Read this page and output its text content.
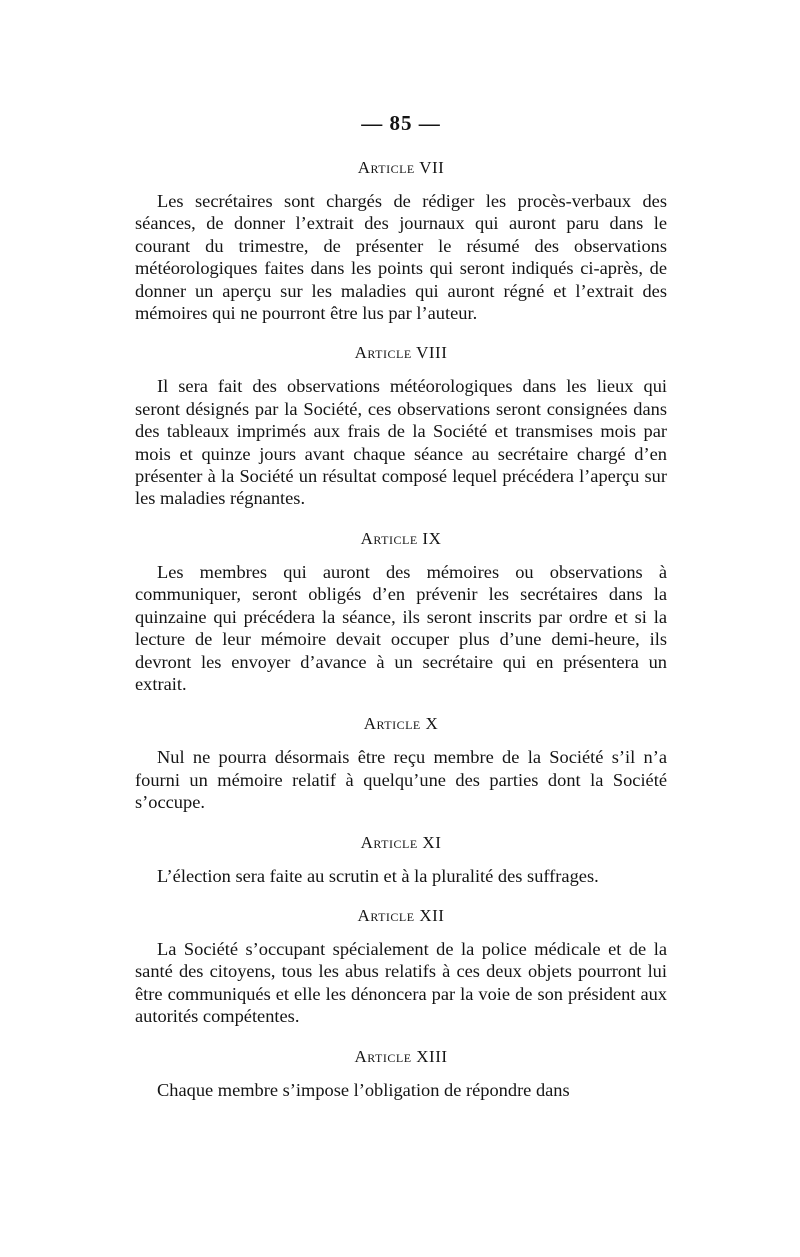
— 85 —
Article VII

Les secrétaires sont chargés de rédiger les procès-verbaux des séances, de donner l’extrait des journaux qui auront paru dans le courant du trimestre, de présenter le résumé des observations météorologiques faites dans les points qui seront indiqués ci-après, de donner un aperçu sur les maladies qui auront régné et l’extrait des mémoires qui ne pourront être lus par l’auteur.

Article VIII

Il sera fait des observations météorologiques dans les lieux qui seront désignés par la Société, ces observations seront consignées dans des tableaux imprimés aux frais de la Société et transmises mois par mois et quinze jours avant chaque séance au secrétaire chargé d’en présenter à la Société un résultat composé lequel précédera l’aperçu sur les maladies régnantes.

Article IX

Les membres qui auront des mémoires ou observations à communiquer, seront obligés d’en prévenir les secrétaires dans la quinzaine qui précédera la séance, ils seront inscrits par ordre et si la lecture de leur mémoire devait occuper plus d’une demi-heure, ils devront les envoyer d’avance à un secrétaire qui en présentera un extrait.

Article X

Nul ne pourra désormais être reçu membre de la Société s’il n’a fourni un mémoire relatif à quelqu’une des parties dont la Société s’occupe.

Article XI

L’élection sera faite au scrutin et à la pluralité des suffrages.

Article XII

La Société s’occupant spécialement de la police médicale et de la santé des citoyens, tous les abus relatifs à ces deux objets pourront lui être communiqués et elle les dénoncera par la voie de son président aux autorités compétentes.

Article XIII

Chaque membre s’impose l’obligation de répondre dans
